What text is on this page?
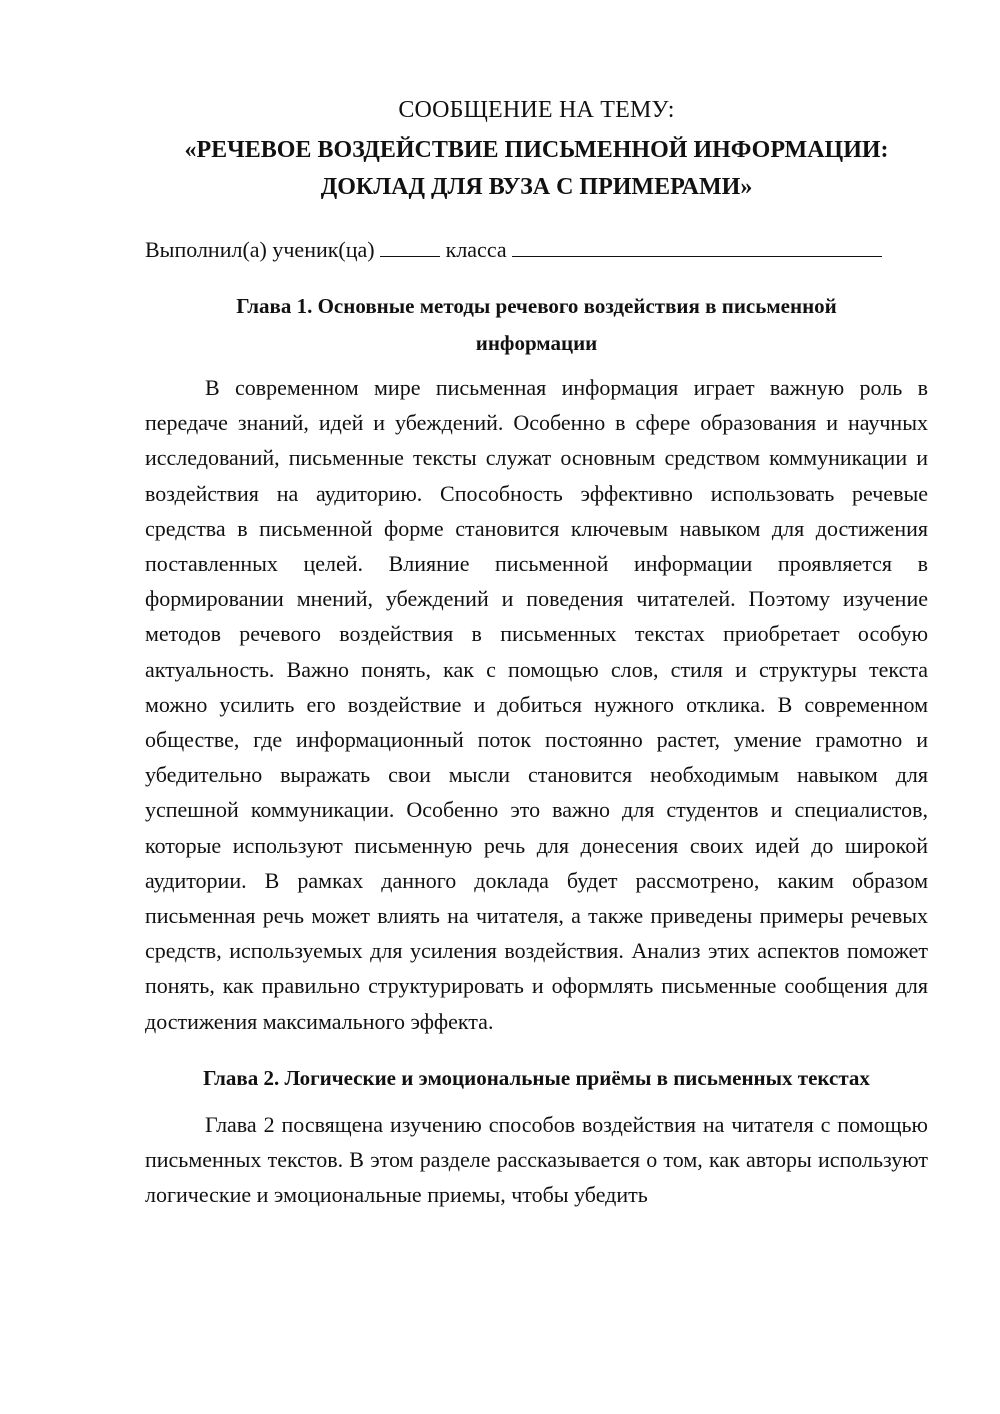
СООБЩЕНИЕ НА ТЕМУ:

«РЕЧЕВОЕ ВОЗДЕЙСТВИЕ ПИСЬМЕННОЙ ИНФОРМАЦИИ:
ДОКЛАД ДЛЯ ВУЗА С ПРИМЕРАМИ»

Выполнил(а) ученик(ца)	класса

Глава 1. Основные методы речевого воздействия в письменной
информации

В современном мире письменная информация играет важную роль в передаче знаний, идей и убеждений. Особенно в сфере образования и научных исследований, письменные тексты служат основным средством коммуникации и воздействия на аудиторию. Способность эффективно использовать речевые средства в письменной форме становится ключевым навыком для достижения поставленных целей. Влияние письменной информации проявляется в формировании мнений, убеждений и поведения читателей. Поэтому изучение методов речевого воздействия в письменных текстах приобретает особую актуальность. Важно понять, как с помощью слов, стиля и структуры текста можно усилить его воздействие и добиться нужного отклика. В современном обществе, где информационный поток постоянно растет, умение грамотно и убедительно выражать свои мысли становится необходимым навыком для успешной коммуникации. Особенно это важно для студентов и специалистов, которые используют письменную речь для донесения своих идей до широкой аудитории. В рамках данного доклада будет рассмотрено, каким образом письменная речь может влиять на читателя, а также приведены примеры речевых средств, используемых для усиления воздействия. Анализ этих аспектов поможет понять, как правильно структурировать и оформлять письменные сообщения для достижения максимального эффекта.

Глава 2. Логические и эмоциональные приёмы в письменных текстах

Глава 2 посвящена изучению способов воздействия на читателя с помощью письменных текстов. В этом разделе рассказывается о том, как авторы используют логические и эмоциональные приемы, чтобы убедить
